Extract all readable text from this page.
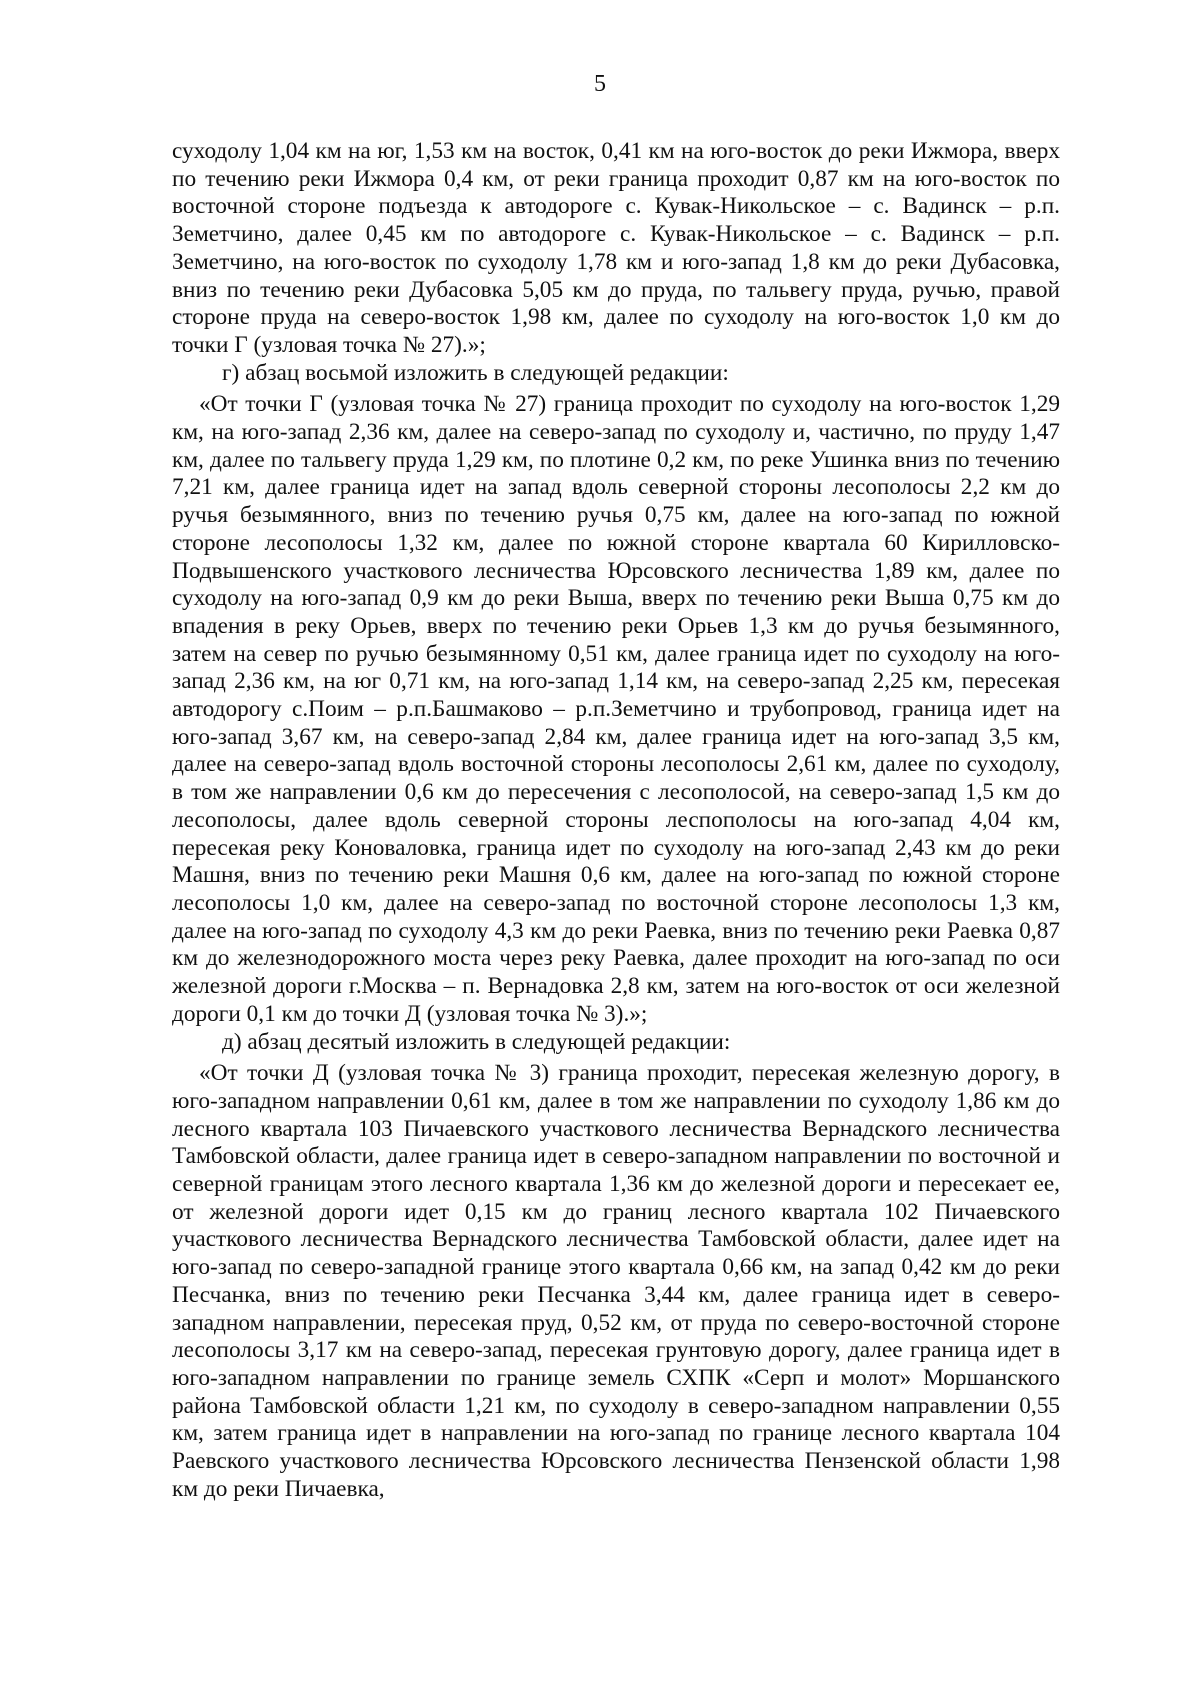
5

суходолу 1,04 км на юг, 1,53 км на восток, 0,41 км на юго-восток до реки Ижмора, вверх по течению реки Ижмора 0,4 км, от реки граница проходит 0,87 км на юго-восток по восточной стороне подъезда к автодороге с. Кувак-Никольское – с. Вадинск – р.п. Земетчино, далее 0,45 км по автодороге с. Кувак-Никольское – с. Вадинск – р.п. Земетчино, на юго-восток по суходолу 1,78 км и юго-запад 1,8 км до реки Дубасовка, вниз по течению реки Дубасовка 5,05 км до пруда, по тальвегу пруда, ручью, правой стороне пруда на северо-восток 1,98 км, далее по суходолу на юго-восток 1,0 км до точки Г (узловая точка № 27).»;

г) абзац восьмой изложить в следующей редакции:

«От точки Г (узловая точка № 27) граница проходит по суходолу на юго-восток 1,29 км, на юго-запад 2,36 км, далее на северо-запад по суходолу и, частично, по пруду 1,47 км, далее по тальвегу пруда 1,29 км, по плотине 0,2 км, по реке Ушинка вниз по течению 7,21 км, далее граница идет на запад вдоль северной стороны лесополосы 2,2 км до ручья безымянного, вниз по течению ручья 0,75 км, далее на юго-запад по южной стороне лесополосы 1,32 км, далее по южной стороне квартала 60 Кирилловско-Подвышенского участкового лесничества Юрсовского лесничества 1,89 км, далее по суходолу на юго-запад 0,9 км до реки Выша, вверх по течению реки Выша 0,75 км до впадения в реку Орьев, вверх по течению реки Орьев 1,3 км до ручья безымянного, затем на север по ручью безымянному 0,51 км, далее граница идет по суходолу на юго-запад 2,36 км, на юг 0,71 км, на юго-запад 1,14 км, на северо-запад 2,25 км, пересекая автодорогу с.Поим – р.п.Башмаково – р.п.Земетчино и трубопровод, граница идет на юго-запад 3,67 км, на северо-запад 2,84 км, далее граница идет на юго-запад 3,5 км, далее на северо-запад вдоль восточной стороны лесополосы 2,61 км, далее по суходолу, в том же направлении 0,6 км до пересечения с лесополосой, на северо-запад 1,5 км до лесополосы, далее вдоль северной стороны леспополосы на юго-запад 4,04 км, пересекая реку Коноваловка, граница идет по суходолу на юго-запад 2,43 км до реки Машня, вниз по течению реки Машня 0,6 км, далее на юго-запад по южной стороне лесополосы 1,0 км, далее на северо-запад по восточной стороне лесополосы 1,3 км, далее на юго-запад по суходолу 4,3 км до реки Раевка, вниз по течению реки Раевка 0,87 км до железнодорожного моста через реку Раевка, далее проходит на юго-запад по оси железной дороги г.Москва – п. Вернадовка 2,8 км, затем на юго-восток от оси железной дороги 0,1 км до точки Д (узловая точка № 3).»;

д) абзац десятый изложить в следующей редакции:

«От точки Д (узловая точка № 3) граница проходит, пересекая железную дорогу, в юго-западном направлении 0,61 км, далее в том же направлении по суходолу 1,86 км до лесного квартала 103 Пичаевского участкового лесничества Вернадского лесничества Тамбовской области, далее граница идет в северо-западном направлении по восточной и северной границам этого лесного квартала 1,36 км до железной дороги и пересекает ее, от железной дороги идет 0,15 км до границ лесного квартала 102 Пичаевского участкового лесничества Вернадского лесничества Тамбовской области, далее идет на юго-запад по северо-западной границе этого квартала 0,66 км, на запад 0,42 км до реки Песчанка, вниз по течению реки Песчанка 3,44 км, далее граница идет в северо-западном направлении, пересекая пруд, 0,52 км, от пруда по северо-восточной стороне лесополосы 3,17 км на северо-запад, пересекая грунтовую дорогу, далее граница идет в юго-западном направлении по границе земель СХПК «Серп и молот» Моршанского района Тамбовской области 1,21 км, по суходолу в северо-западном направлении 0,55 км, затем граница идет в направлении на юго-запад по границе лесного квартала 104 Раевского участкового лесничества Юрсовского лесничества Пензенской области 1,98 км до реки Пичаевка,
